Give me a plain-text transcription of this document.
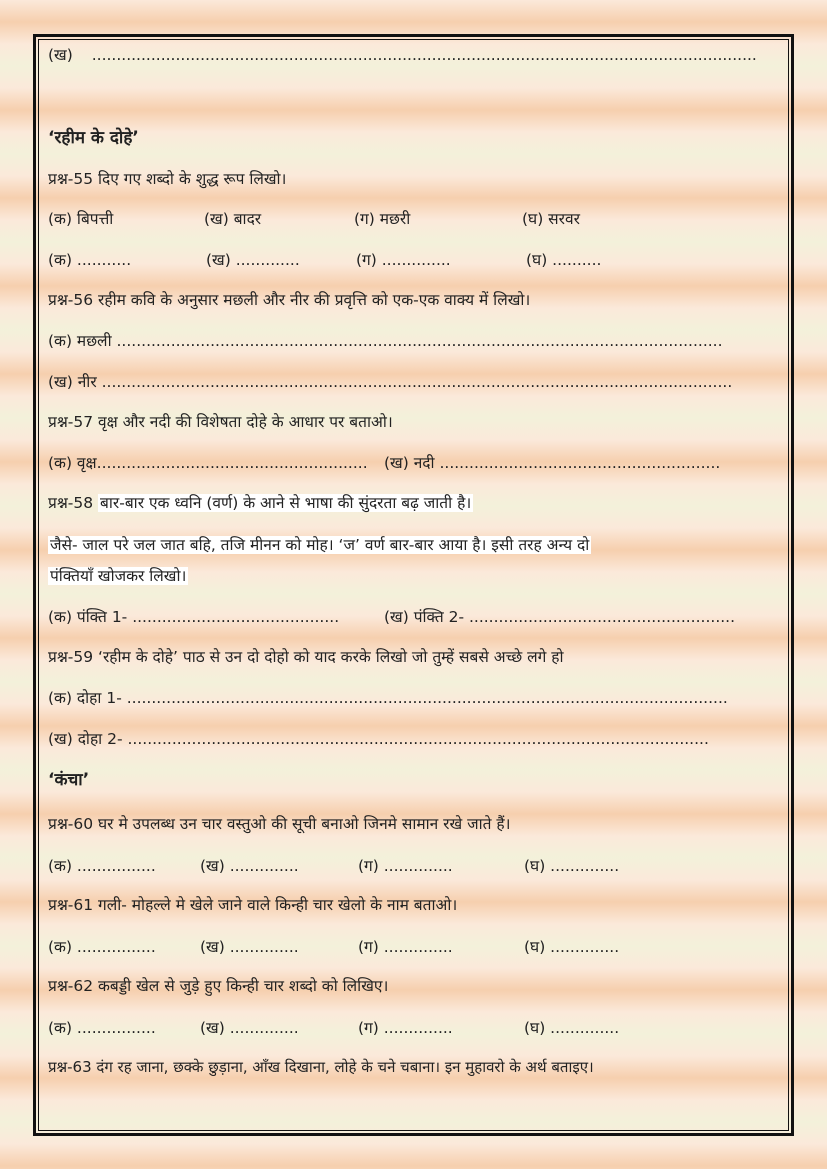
(ख) .......................................................................................................................................
‘रहीम के दोहे’
प्रश्न-55 दिए गए शब्दो के शुद्ध रूप लिखो।
(क) बिपत्ती	(ख) बादर	(ग) मछरी	(घ) सरवर
(क) ...........	(ख) .............	(ग) ..............	(घ) ..........
प्रश्न-56 रहीम कवि के अनुसार मछली और नीर की प्रवृत्ति को एक-एक वाक्य में लिखो।
(क) मछली ...........................................................................................................................
(ख) नीर ................................................................................................................................
प्रश्न-57 वृक्ष और नदी की विशेषता दोहे के आधार पर बताओ।
(क) वृक्ष....................................................... (ख) नदी .........................................................
प्रश्न-58 बार-बार एक ध्वनि (वर्ण) के आने से भाषा की सुंदरता बढ़ जाती है।
जैसे- जाल परे जल जात बहि, तजि मीनन को मोह। ‘ज’ वर्ण बार-बार आया है। इसी तरह अन्य दो
पंक्तियाँ खोजकर लिखो।
(क) पंक्ति 1- ..........................................	(ख) पंक्ति 2- ......................................................
प्रश्न-59 ‘रहीम के दोहे’ पाठ से उन दो दोहो को याद करके लिखो जो तुम्हें सबसे अच्छे लगे हो
(क) दोहा 1- ..........................................................................................................................
(ख) दोहा 2- ......................................................................................................................
‘कंचा’
प्रश्न-60 घर मे उपलब्ध उन चार वस्तुओ की सूची बनाओ जिनमे सामान रखे जाते हैं।
(क) ................	(ख) ..............	(ग) ..............	(घ) ..............
प्रश्न-61 गली- मोहल्ले मे खेले जाने वाले किन्ही चार खेलो के नाम बताओ।
(क) ................	(ख) ..............	(ग) ..............	(घ) ..............
प्रश्न-62 कबड्डी खेल से जुड़े हुए किन्ही चार शब्दो को लिखिए।
(क) ................	(ख) ..............	(ग) ..............	(घ) ..............
प्रश्न-63 दंग रह जाना, छक्के छुड़ाना, आँख दिखाना, लोहे के चने चबाना। इन मुहावरो के अर्थ बताइए।
